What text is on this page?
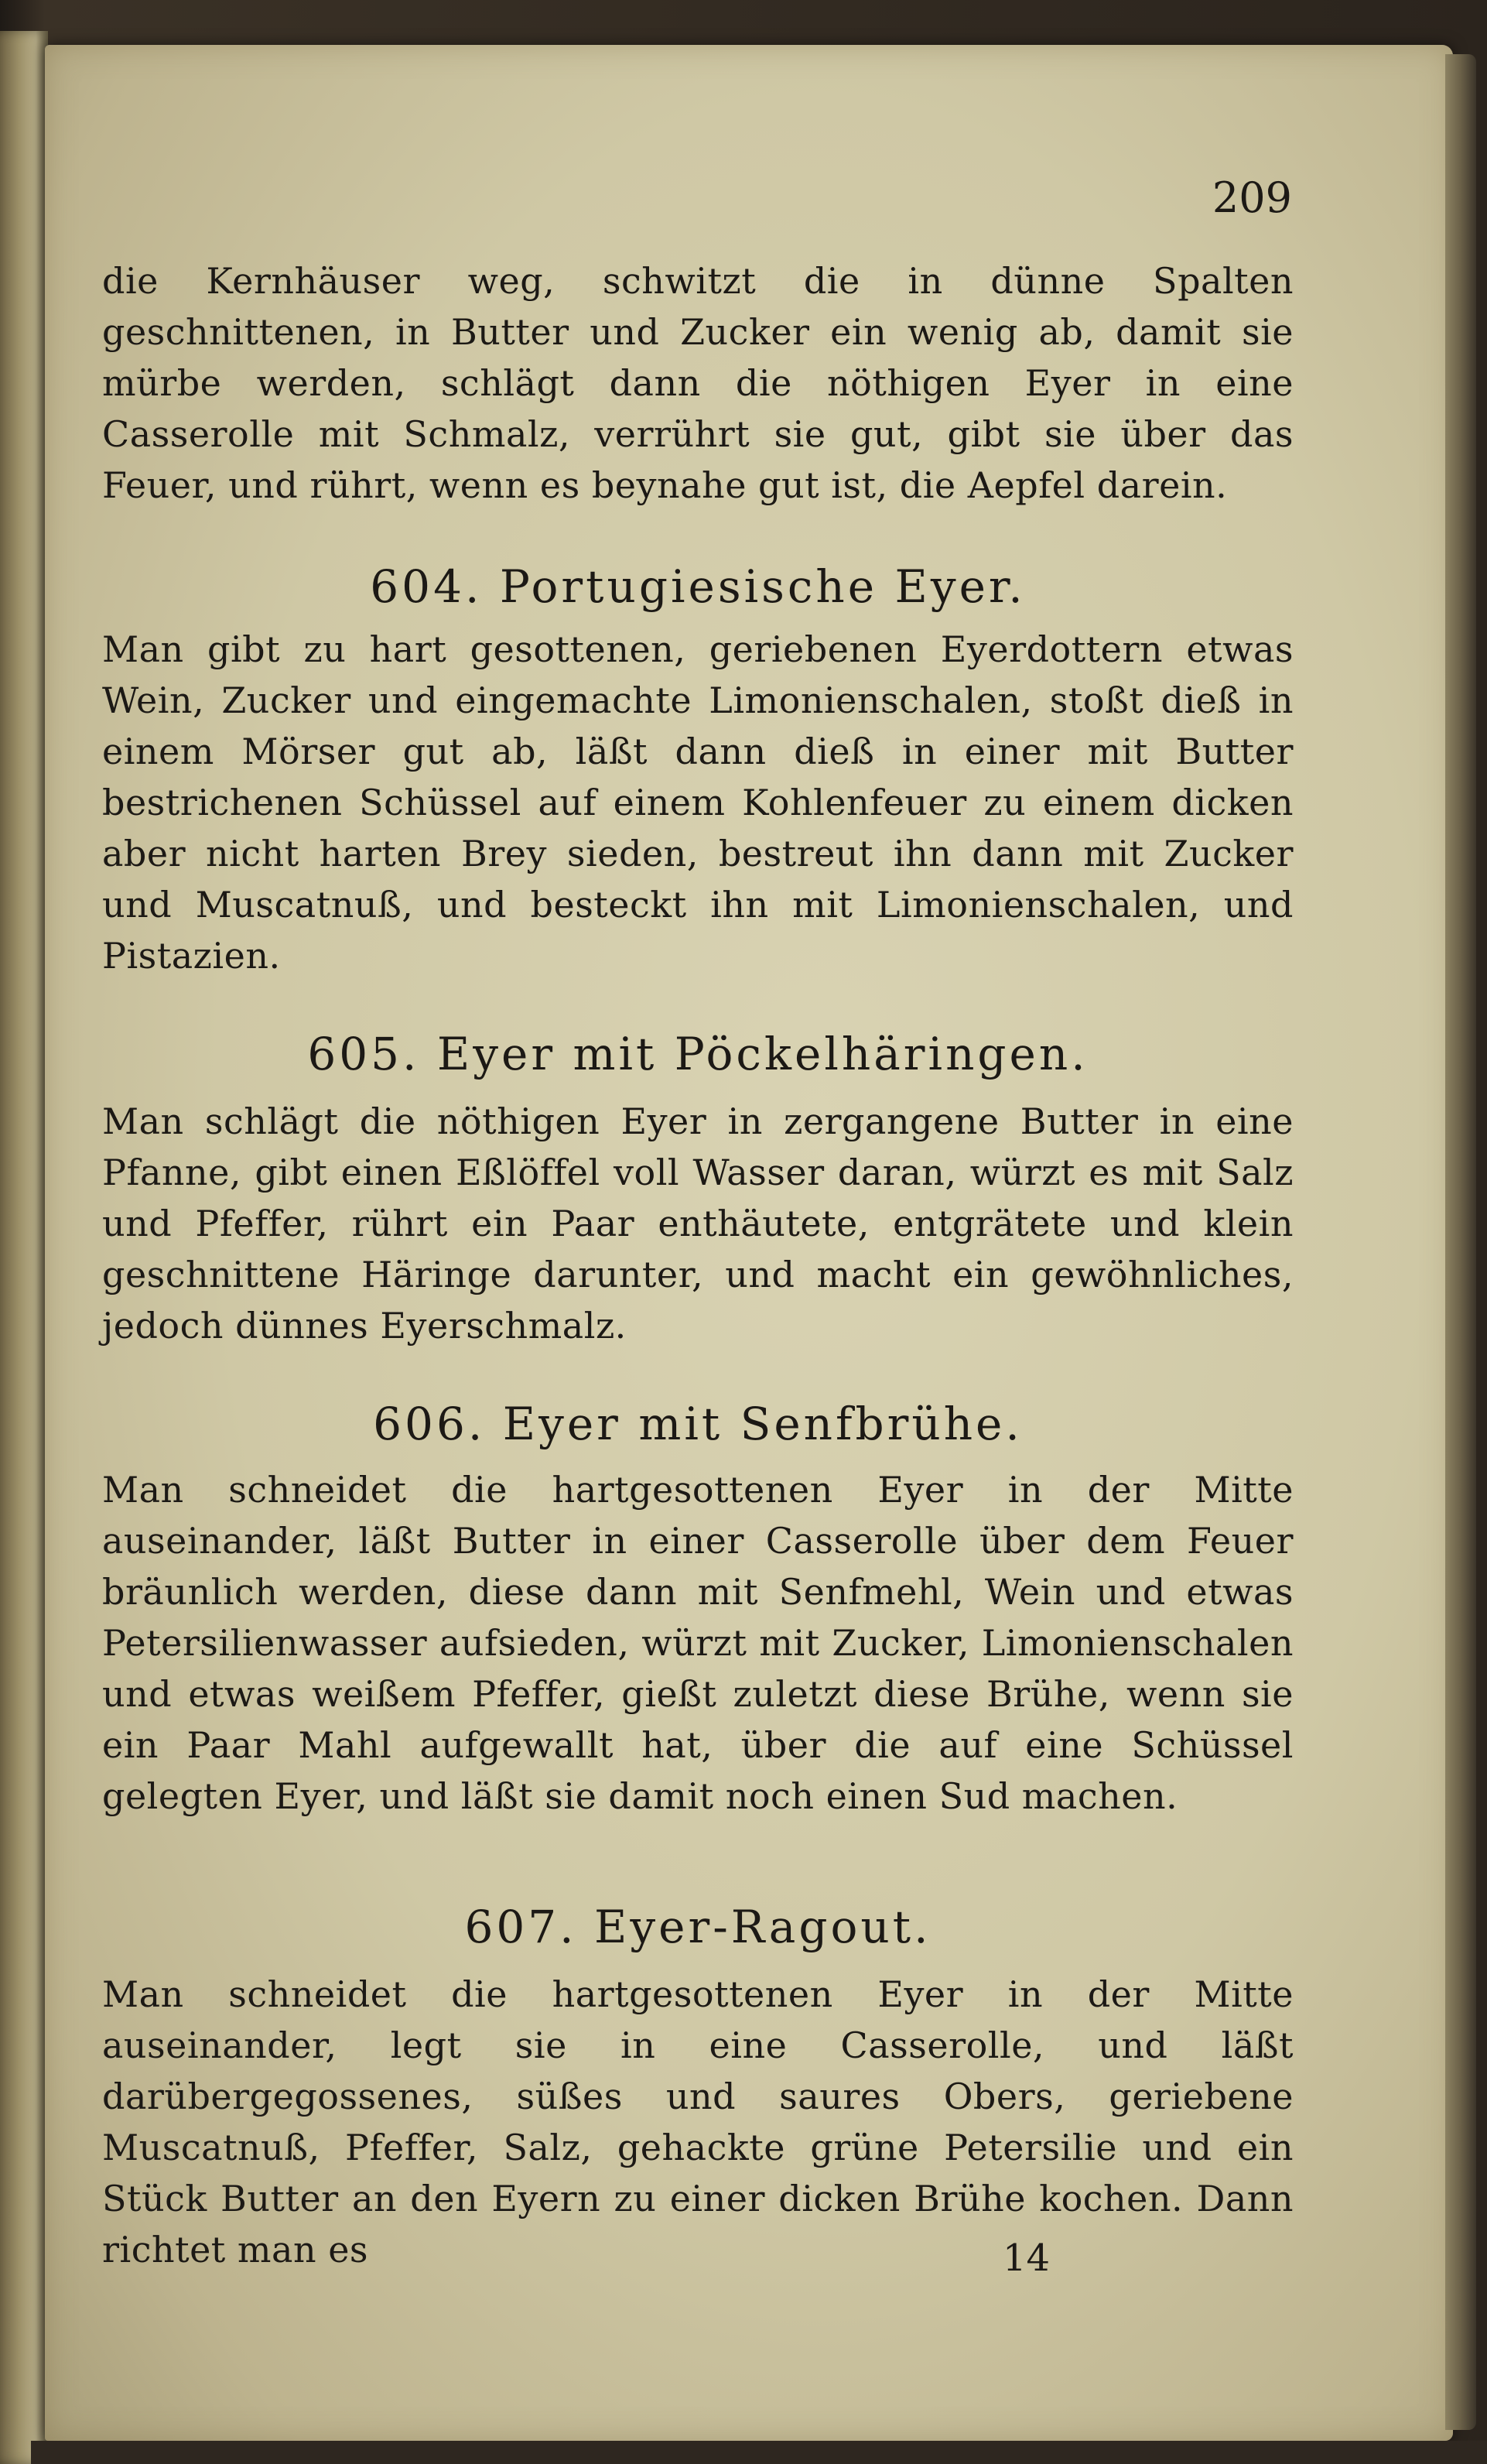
209

die Kernhäuser weg, schwitzt die in dünne Spalten geschnittenen, in Butter und Zucker ein wenig ab, damit sie mürbe werden, schlägt dann die nöthigen Eyer in eine Casserolle mit Schmalz, verrührt sie gut, gibt sie über das Feuer, und rührt, wenn es beynahe gut ist, die Aepfel darein.

604. Portugiesische Eyer.

Man gibt zu hart gesottenen, geriebenen Eyerdottern etwas Wein, Zucker und eingemachte Limonienschalen, stoßt dieß in einem Mörser gut ab, läßt dann dieß in einer mit Butter bestrichenen Schüssel auf einem Kohlenfeuer zu einem dicken aber nicht harten Brey sieden, bestreut ihn dann mit Zucker und Muscatnuß, und besteckt ihn mit Limonienschalen, und Pistazien.

605. Eyer mit Pöckelhäringen.

Man schlägt die nöthigen Eyer in zergangene Butter in eine Pfanne, gibt einen Eßlöffel voll Wasser daran, würzt es mit Salz und Pfeffer, rührt ein Paar enthäutete, entgrätete und klein geschnittene Häringe darunter, und macht ein gewöhnliches, jedoch dünnes Eyerschmalz.

606. Eyer mit Senfbrühe.

Man schneidet die hartgesottenen Eyer in der Mitte auseinander, läßt Butter in einer Casserolle über dem Feuer bräunlich werden, diese dann mit Senfmehl, Wein und etwas Petersilienwasser aufsieden, würzt mit Zucker, Limonienschalen und etwas weißem Pfeffer, gießt zuletzt diese Brühe, wenn sie ein Paar Mahl aufgewallt hat, über die auf eine Schüssel gelegten Eyer, und läßt sie damit noch einen Sud machen.

607. Eyer-Ragout.

Man schneidet die hartgesottenen Eyer in der Mitte auseinander, legt sie in eine Casserolle, und läßt darübergegossenes, süßes und saures Obers, geriebene Muscatnuß, Pfeffer, Salz, gehackte grüne Petersilie und ein Stück Butter an den Eyern zu einer dicken Brühe kochen. Dann richtet man es	14
